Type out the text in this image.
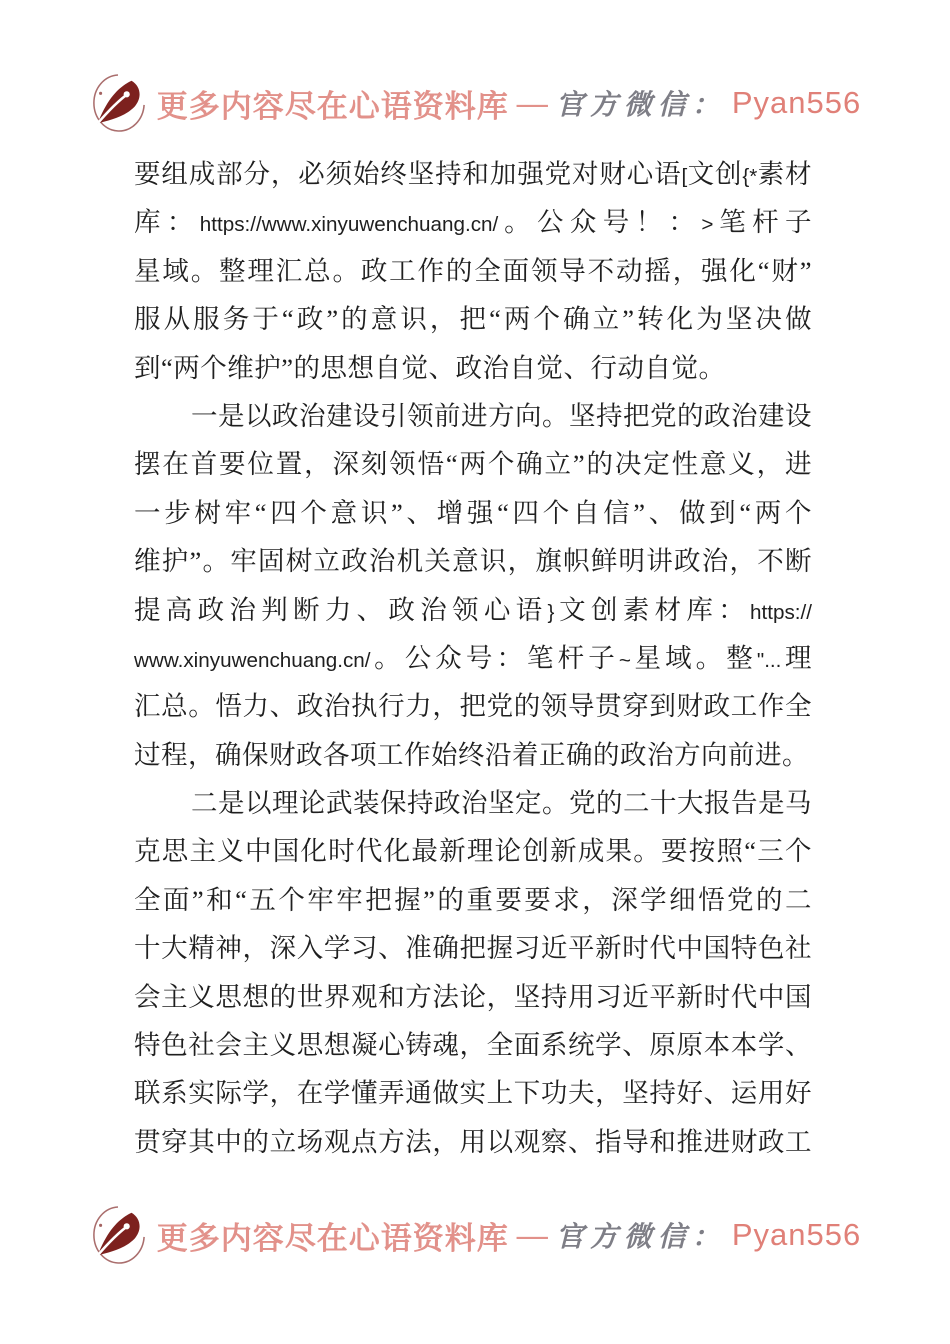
更多内容尽在心语资料库 — 官方微信： Pyan556
要组成部分，必须始终坚持和加强党对财心语[文创{*素材
库：https://www.xinyuwenchuang.cn/。公众号！：>笔杆子
星域。整理汇总。政工作的全面领导不动摇，强化“财”
服从服务于“政”的意识，把“两个确立”转化为坚决做
到“两个维护”的思想自觉、政治自觉、行动自觉。
一是以政治建设引领前进方向。坚持把党的政治建设
摆在首要位置，深刻领悟“两个确立”的决定性意义，进
一步树牢“四个意识”、增强“四个自信”、做到“两个
维护”。牢固树立政治机关意识，旗帜鲜明讲政治，不断
提高政治判断力、政治领心语}文创素材库：https://
www.xinyuwenchuang.cn/。公众号：笔杆子~星域。整"...理
汇总。悟力、政治执行力，把党的领导贯穿到财政工作全
过程，确保财政各项工作始终沿着正确的政治方向前进。
二是以理论武装保持政治坚定。党的二十大报告是马
克思主义中国化时代化最新理论创新成果。要按照“三个
全面”和“五个牢牢把握”的重要要求，深学细悟党的二
十大精神，深入学习、准确把握习近平新时代中国特色社
会主义思想的世界观和方法论，坚持用习近平新时代中国
特色社会主义思想凝心铸魂，全面系统学、原原本本学、
联系实际学，在学懂弄通做实上下功夫，坚持好、运用好
贯穿其中的立场观点方法，用以观察、指导和推进财政工
更多内容尽在心语资料库 — 官方微信： Pyan556
